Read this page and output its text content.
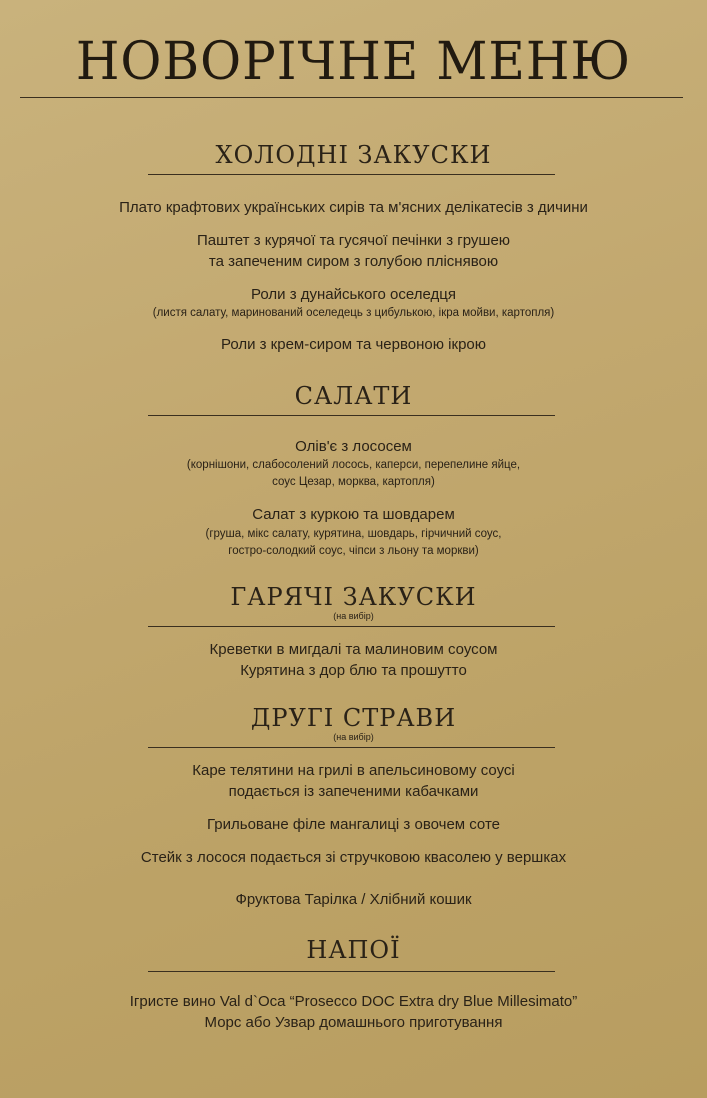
НОВОРІЧНЕ МЕНЮ
ХОЛОДНІ ЗАКУСКИ
Плато крафтових українських сирів та м'ясних делікатесів з дичини
Паштет з курячої та гусячої печінки з грушею
та запеченим сиром з голубою пліснявою
Роли з дунайського оселедця
(листя салату, маринований оселедець з цибулькою, ікра мойви, картопля)
Роли з крем-сиром та червоною ікрою
САЛАТИ
Олів'є з лососем
(корнішони, слабосолений лосось, каперси, перепелине яйце,
соус Цезар, морква, картопля)
Салат з куркою та шовдарем
(груша, мікс салату, курятина, шовдарь, гірчичний соус,
гостро-солодкий соус, чіпси з льону та моркви)
ГАРЯЧІ ЗАКУСКИ
(на вибір)
Креветки в мигдалі та малиновим соусом
Курятина з дор блю та прошутто
ДРУГІ СТРАВИ
(на вибір)
Каре телятини на грилі в апельсиновому соусі
подається із запеченими кабачками
Грильоване філе мангалиці з овочем соте
Стейк з лосося подається зі стручковою квасолею у вершках
Фруктова Тарілка / Хлібний кошик
НАПОЇ
Ігристе вино Val d`Oca “Prosecco DOC Extra dry Blue Millesimato”
Морс або Узвар домашнього приготування
